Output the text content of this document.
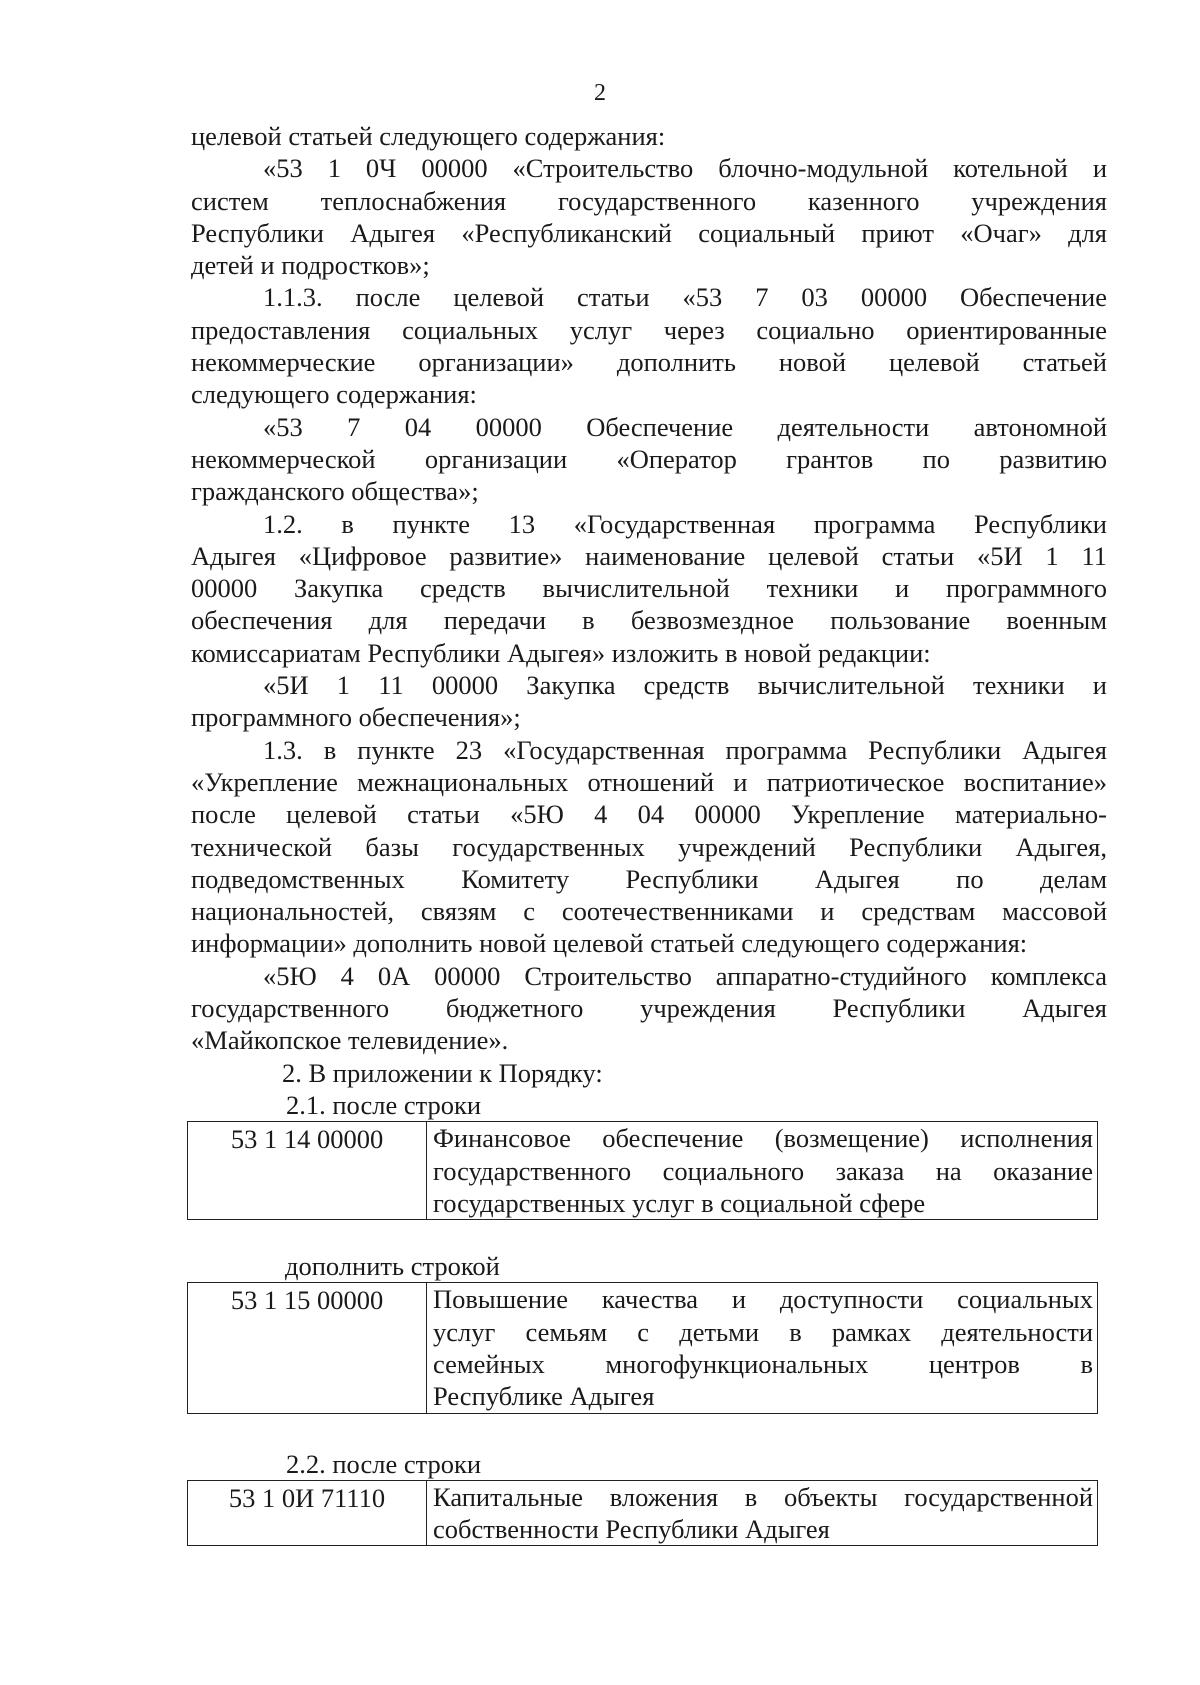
2

целевой статьей следующего содержания:

«53 1 0Ч 00000 «Строительство блочно-модульной котельной и

систем теплоснабжения государственного казенного учреждения

Республики Адыгея «Республиканский социальный приют «Очаг» для

детей и подростков»;

1.1.3. после целевой статьи «53 7 03 00000 Обеспечение

предоставления социальных услуг через социально ориентированные

некоммерческие организации» дополнить новой целевой статьей

следующего содержания:

«53 7 04 00000 Обеспечение деятельности автономной

некоммерческой организации «Оператор грантов по развитию

гражданского общества»;

1.2. в пункте 13 «Государственная программа Республики

Адыгея «Цифровое развитие» наименование целевой статьи «5И 1 11

00000 Закупка средств вычислительной техники и программного

обеспечения для передачи в безвозмездное пользование военным

комиссариатам Республики Адыгея» изложить в новой редакции:

«5И 1 11 00000 Закупка средств вычислительной техники и

программного обеспечения»;

1.3. в пункте 23 «Государственная программа Республики Адыгея

«Укрепление межнациональных отношений и патриотическое воспитание»

после целевой статьи «5Ю 4 04 00000 Укрепление материально-

технической базы государственных учреждений Республики Адыгея,

подведомственных Комитету Республики Адыгея по делам

национальностей, связям с соотечественниками и средствам массовой

информации» дополнить новой целевой статьей следующего содержания:

«5Ю 4 0А 00000 Строительство аппаратно-студийного комплекса

государственного бюджетного учреждения Республики Адыгея

«Майкопское телевидение».

2. В приложении к Порядку:

2.1. после строки

53 1 14 00000	Финансовое обеспечение (возмещение) исполнения

государственного социального заказа на оказание

государственных услуг в социальной сфере

дополнить строкой

53 1 15 00000	Повышение качества и доступности социальных

услуг семьям с детьми в рамках деятельности

семейных многофункциональных центров в

Республике Адыгея

2.2. после строки

53 1 0И 71110	Капитальные вложения в объекты государственной

собственности Республики Адыгея
